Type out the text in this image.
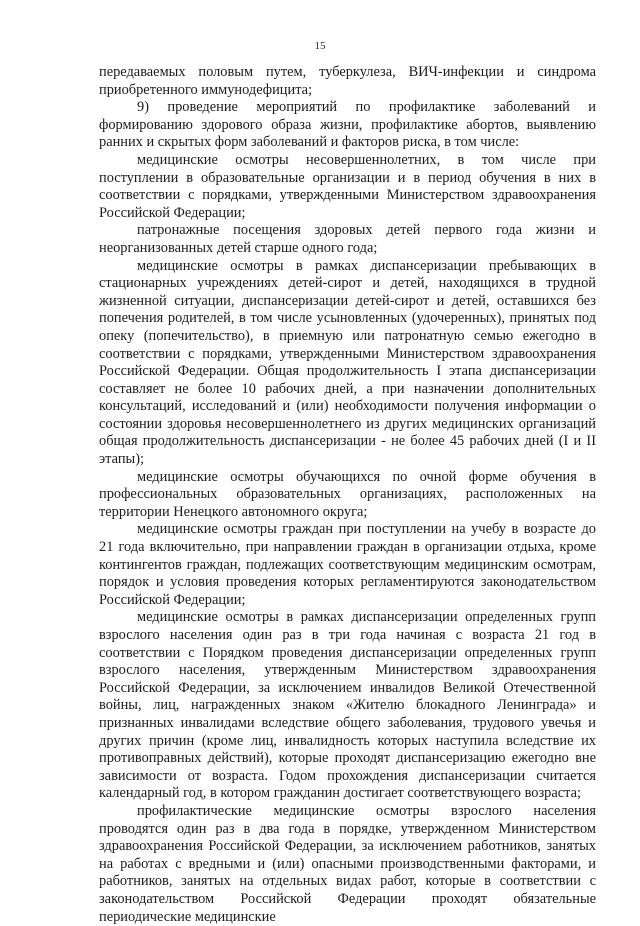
15

передаваемых половым путем, туберкулеза, ВИЧ-инфекции и синдрома приобретенного иммунодефицита;

9) проведение мероприятий по профилактике заболеваний и формированию здорового образа жизни, профилактике абортов, выявлению ранних и скрытых форм заболеваний и факторов риска, в том числе:

медицинские осмотры несовершеннолетних, в том числе при поступлении в образовательные организации и в период обучения в них в соответствии с порядками, утвержденными Министерством здравоохранения Российской Федерации;

патронажные посещения здоровых детей первого года жизни и неорганизованных детей старше одного года;

медицинские осмотры в рамках диспансеризации пребывающих в стационарных учреждениях детей-сирот и детей, находящихся в трудной жизненной ситуации, диспансеризации детей-сирот и детей, оставшихся без попечения родителей, в том числе усыновленных (удочеренных), принятых под опеку (попечительство), в приемную или патронатную семью ежегодно в соответствии с порядками, утвержденными Министерством здравоохранения Российской Федерации. Общая продолжительность I этапа диспансеризации составляет не более 10 рабочих дней, а при назначении дополнительных консультаций, исследований и (или) необходимости получения информации о состоянии здоровья несовершеннолетнего из других медицинских организаций общая продолжительность диспансеризации - не более 45 рабочих дней (I и II этапы);

медицинские осмотры обучающихся по очной форме обучения в профессиональных образовательных организациях, расположенных на территории Ненецкого автономного округа;

медицинские осмотры граждан при поступлении на учебу в возрасте до 21 года включительно, при направлении граждан в организации отдыха, кроме контингентов граждан, подлежащих соответствующим медицинским осмотрам, порядок и условия проведения которых регламентируются законодательством Российской Федерации;

медицинские осмотры в рамках диспансеризации определенных групп взрослого населения один раз в три года начиная с возраста 21 год в соответствии с Порядком проведения диспансеризации определенных групп взрослого населения, утвержденным Министерством здравоохранения Российской Федерации, за исключением инвалидов Великой Отечественной войны, лиц, награжденных знаком «Жителю блокадного Ленинграда» и признанных инвалидами вследствие общего заболевания, трудового увечья и других причин (кроме лиц, инвалидность которых наступила вследствие их противоправных действий), которые проходят диспансеризацию ежегодно вне зависимости от возраста. Годом прохождения диспансеризации считается календарный год, в котором гражданин достигает соответствующего возраста;

профилактические медицинские осмотры взрослого населения проводятся один раз в два года в порядке, утвержденном Министерством здравоохранения Российской Федерации, за исключением работников, занятых на работах с вредными и (или) опасными производственными факторами, и работников, занятых на отдельных видах работ, которые в соответствии с законодательством Российской Федерации проходят обязательные периодические медицинские
